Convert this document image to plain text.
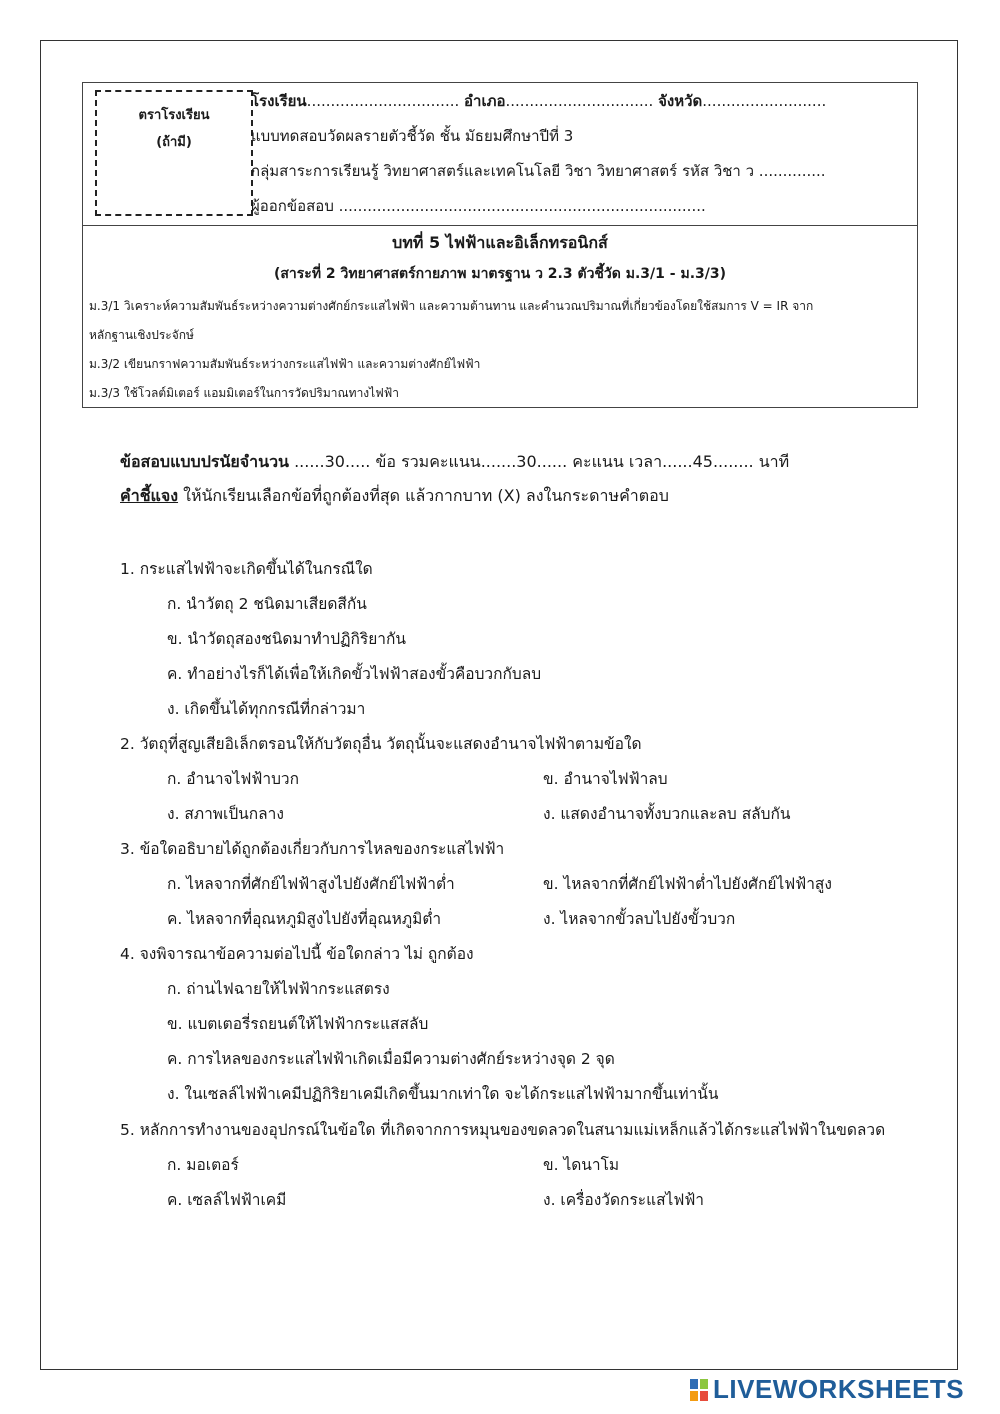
ตราโรงเรียน
(ถ้ามี)
โรงเรียน................................ อำเภอ............................... จังหวัด..........................
แบบทดสอบวัดผลรายตัวชี้วัด ชั้น มัธยมศึกษาปีที่ 3
กลุ่มสาระการเรียนรู้ วิทยาศาสตร์และเทคโนโลยี วิชา วิทยาศาสตร์ รหัส วิชา ว ..............
ผู้ออกข้อสอบ .............................................................................
บทที่ 5 ไฟฟ้าและอิเล็กทรอนิกส์
(สาระที่ 2 วิทยาศาสตร์กายภาพ มาตรฐาน ว 2.3 ตัวชี้วัด ม.3/1 - ม.3/3)
ม.3/1 วิเคราะห์ความสัมพันธ์ระหว่างความต่างศักย์กระแสไฟฟ้า และความต้านทาน และคำนวณปริมาณที่เกี่ยวข้องโดยใช้สมการ V = IR จาก
หลักฐานเชิงประจักษ์
ม.3/2 เขียนกราฟความสัมพันธ์ระหว่างกระแสไฟฟ้า และความต่างศักย์ไฟฟ้า
ม.3/3 ใช้โวลต์มิเตอร์ แอมมิเตอร์ในการวัดปริมาณทางไฟฟ้า
ข้อสอบแบบปรนัยจำนวน ......30..... ข้อ รวมคะแนน.......30...... คะแนน เวลา......45........ นาที
คำชี้แจง ให้นักเรียนเลือกข้อที่ถูกต้องที่สุด แล้วกากบาท (X) ลงในกระดาษคำตอบ
1. กระแสไฟฟ้าจะเกิดขึ้นได้ในกรณีใด
ก. นำวัตถุ 2 ชนิดมาเสียดสีกัน
ข. นำวัตถุสองชนิดมาทำปฏิกิริยากัน
ค. ทำอย่างไรก็ได้เพื่อให้เกิดขั้วไฟฟ้าสองขั้วคือบวกกับลบ
ง. เกิดขึ้นได้ทุกกรณีที่กล่าวมา
2. วัตถุที่สูญเสียอิเล็กตรอนให้กับวัตถุอื่น วัตถุนั้นจะแสดงอำนาจไฟฟ้าตามข้อใด
ก. อำนาจไฟฟ้าบวก	ข. อำนาจไฟฟ้าลบ
ง. สภาพเป็นกลาง	ง. แสดงอำนาจทั้งบวกและลบ สลับกัน
3. ข้อใดอธิบายได้ถูกต้องเกี่ยวกับการไหลของกระแสไฟฟ้า
ก. ไหลจากที่ศักย์ไฟฟ้าสูงไปยังศักย์ไฟฟ้าต่ำ	ข. ไหลจากที่ศักย์ไฟฟ้าต่ำไปยังศักย์ไฟฟ้าสูง
ค. ไหลจากที่อุณหภูมิสูงไปยังที่อุณหภูมิต่ำ	ง. ไหลจากขั้วลบไปยังขั้วบวก
4. จงพิจารณาข้อความต่อไปนี้ ข้อใดกล่าว ไม่ ถูกต้อง
ก. ถ่านไฟฉายให้ไฟฟ้ากระแสตรง
ข. แบตเตอรี่รถยนต์ให้ไฟฟ้ากระแสสลับ
ค. การไหลของกระแสไฟฟ้าเกิดเมื่อมีความต่างศักย์ระหว่างจุด 2 จุด
ง. ในเซลล์ไฟฟ้าเคมีปฏิกิริยาเคมีเกิดขึ้นมากเท่าใด จะได้กระแสไฟฟ้ามากขึ้นเท่านั้น
5. หลักการทำงานของอุปกรณ์ในข้อใด ที่เกิดจากการหมุนของขดลวดในสนามแม่เหล็กแล้วได้กระแสไฟฟ้าในขดลวด
ก. มอเตอร์	ข. ไดนาโม
ค. เซลล์ไฟฟ้าเคมี	ง. เครื่องวัดกระแสไฟฟ้า
LIVEWORKSHEETS
